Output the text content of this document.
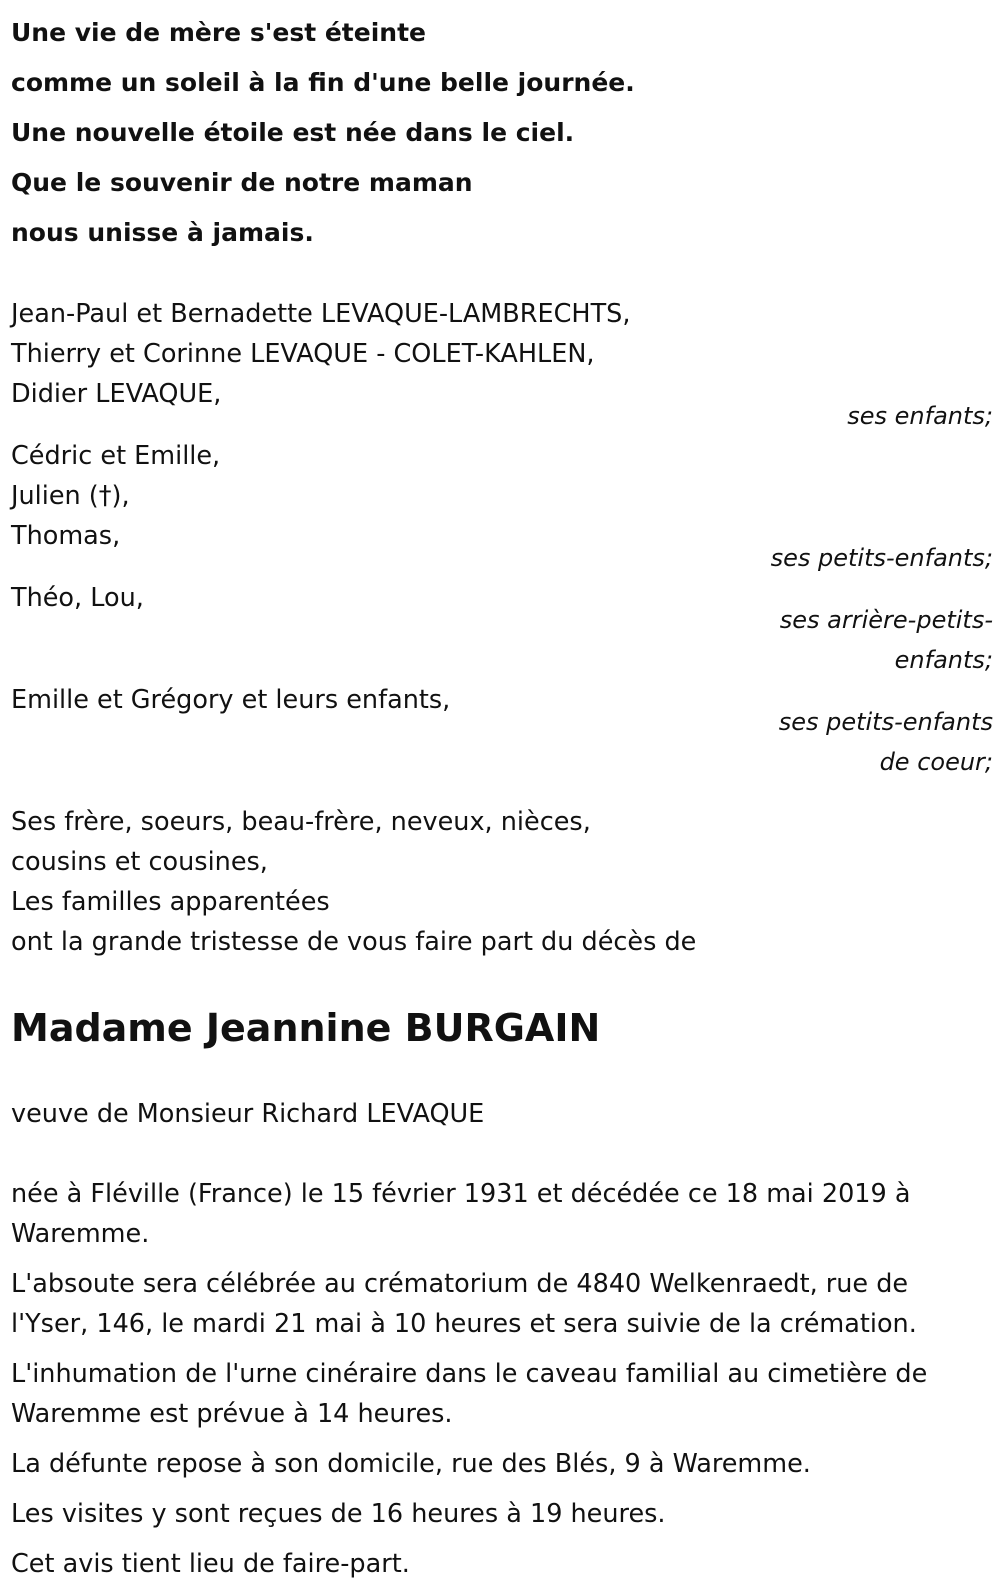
Une vie de mère s'est éteinte
comme un soleil à la fin d'une belle journée.
Une nouvelle étoile est née dans le ciel.
Que le souvenir de notre maman
nous unisse à jamais.
Jean-Paul et Bernadette LEVAQUE-LAMBRECHTS,
Thierry et Corinne LEVAQUE - COLET-KAHLEN,
Didier LEVAQUE,
ses enfants;
Cédric et Emille,
Julien (†),
Thomas,
ses petits-enfants;
Théo, Lou,
ses arrière-petits-
enfants;
Emille et Grégory et leurs enfants,
ses petits-enfants
de coeur;
Ses frère, soeurs, beau-frère, neveux, nièces,
cousins et cousines,
Les familles apparentées
ont la grande tristesse de vous faire part du décès de
Madame Jeannine BURGAIN
veuve de Monsieur Richard LEVAQUE

née à Fléville (France) le 15 février 1931 et décédée ce 18 mai 2019 à Waremme.

L'absoute sera célébrée au crématorium de 4840 Welkenraedt, rue de l'Yser, 146, le mardi 21 mai à 10 heures et sera suivie de la crémation.

L'inhumation de l'urne cinéraire dans le caveau familial au cimetière de Waremme est prévue à 14 heures.

La défunte repose à son domicile, rue des Blés, 9 à Waremme.

Les visites y sont reçues de 16 heures à 19 heures.

Cet avis tient lieu de faire-part.
